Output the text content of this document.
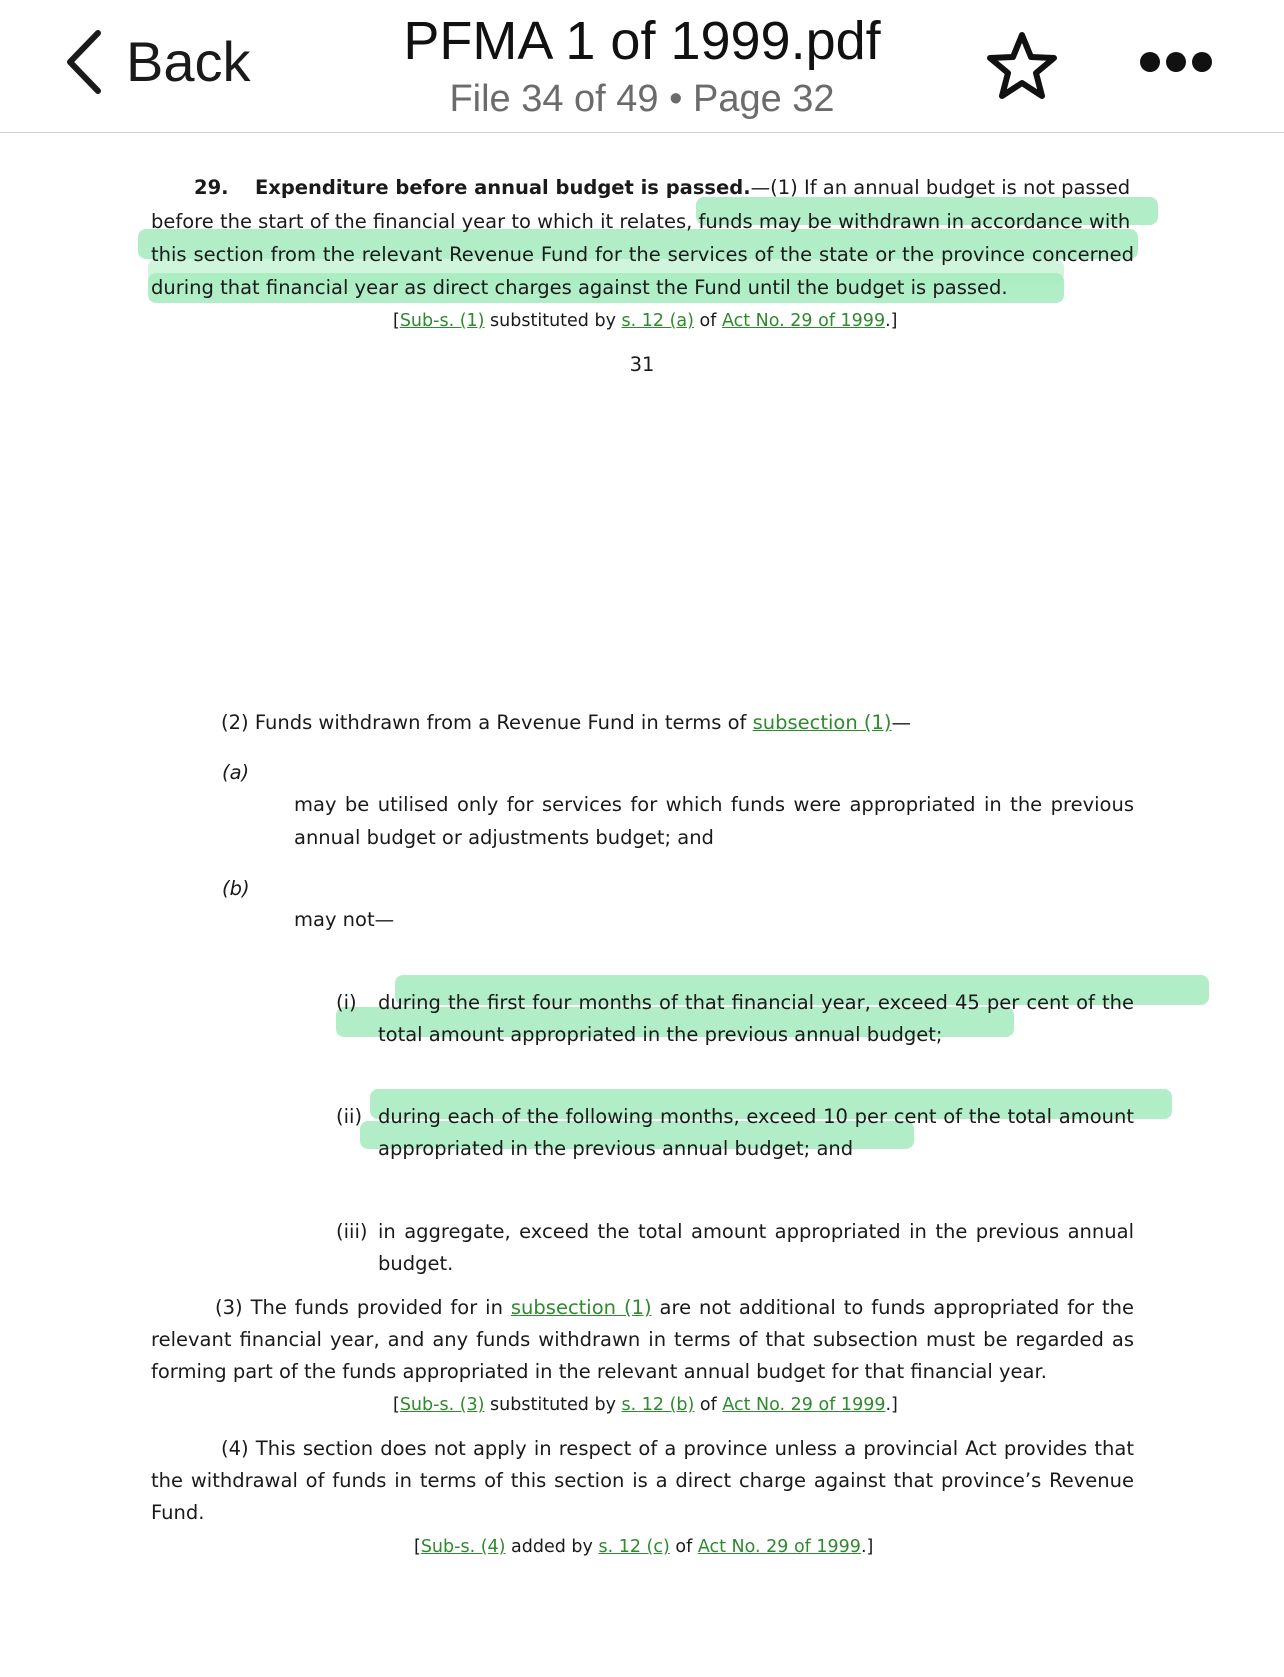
Back	PFMA 1 of 1999.pdf
File 34 of 49 • Page 32
29. Expenditure before annual budget is passed.—(1) If an annual budget is not passed
before the start of the financial year to which it relates, funds may be withdrawn in accordance with
this section from the relevant Revenue Fund for the services of the state or the province concerned
during that financial year as direct charges against the Fund until the budget is passed.
[Sub-s. (1) substituted by s. 12 (a) of Act No. 29 of 1999.]
31
(2) Funds withdrawn from a Revenue Fund in terms of subsection (1)—
(a)
may be utilised only for services for which funds were appropriated in the previous
annual budget or adjustments budget; and
(b)
may not—
(i) during the first four months of that financial year, exceed 45 per cent of the
total amount appropriated in the previous annual budget;
(ii) during each of the following months, exceed 10 per cent of the total amount
appropriated in the previous annual budget; and
(iii) in aggregate, exceed the total amount appropriated in the previous annual
budget.
(3) The funds provided for in subsection (1) are not additional to funds appropriated for the
relevant financial year, and any funds withdrawn in terms of that subsection must be regarded as
forming part of the funds appropriated in the relevant annual budget for that financial year.
[Sub-s. (3) substituted by s. 12 (b) of Act No. 29 of 1999.]
(4) This section does not apply in respect of a province unless a provincial Act provides that
the withdrawal of funds in terms of this section is a direct charge against that province’s Revenue
Fund.
[Sub-s. (4) added by s. 12 (c) of Act No. 29 of 1999.]
